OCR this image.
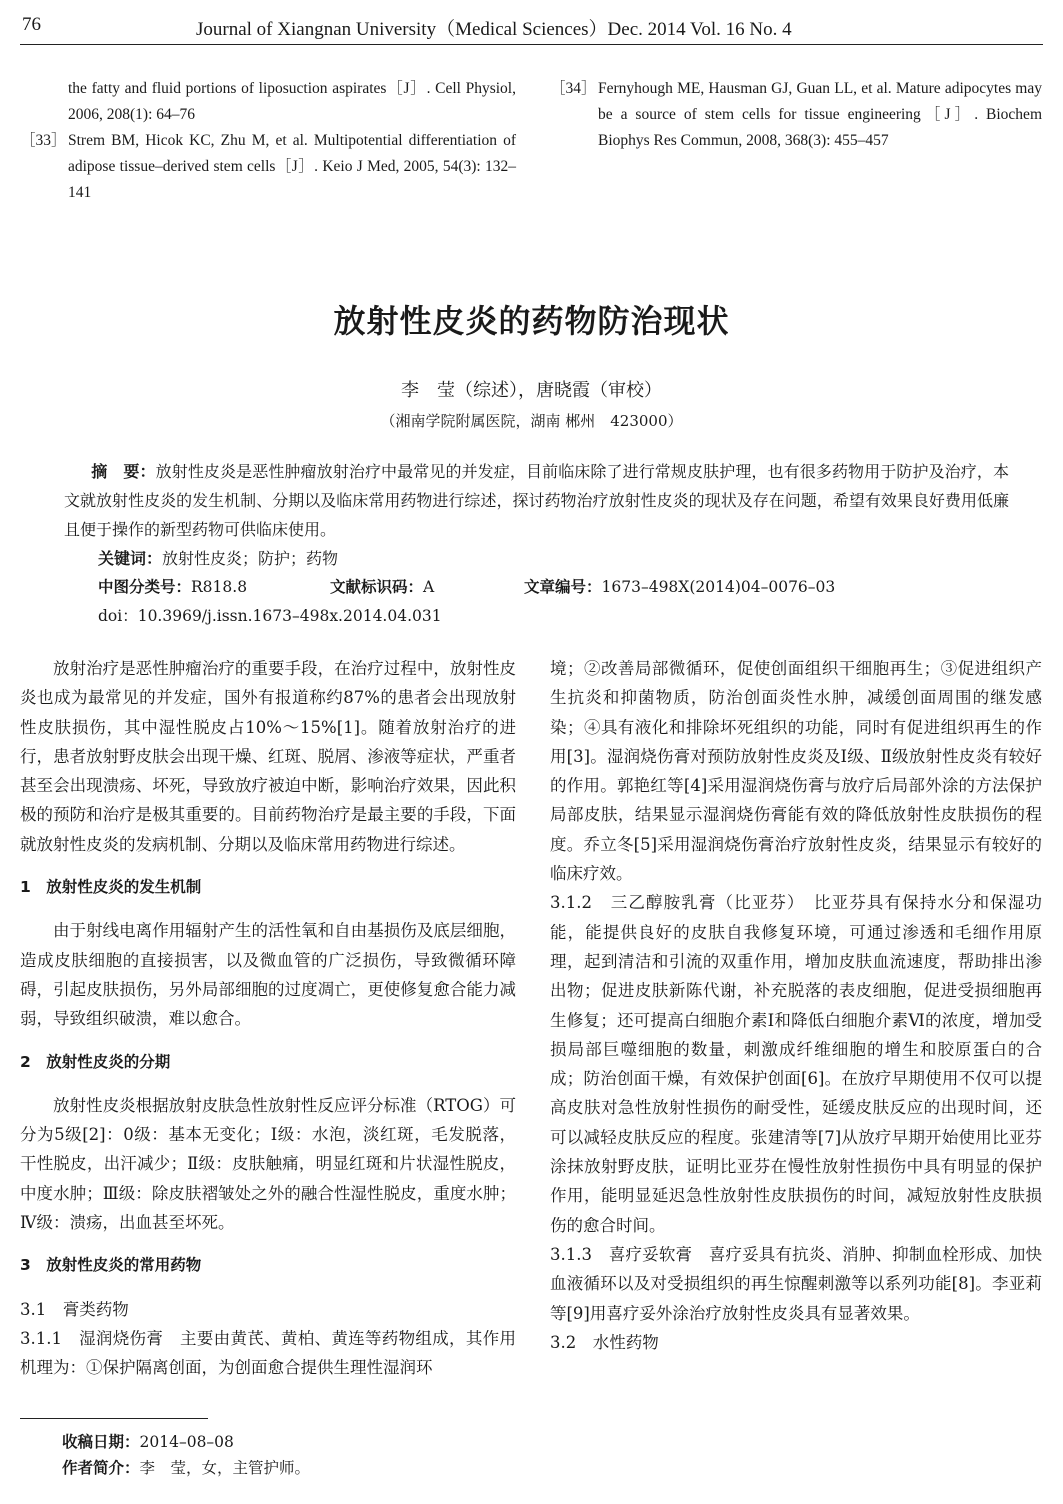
76	Journal of Xiangnan University（Medical Sciences）Dec. 2014 Vol. 16 No. 4
the fatty and fluid portions of liposuction aspirates［J］. Cell Physiol, 2006, 208(1): 64–76
［33］ Strem BM, Hicok KC, Zhu M, et al. Multipotential differentiation of adipose tissue–derived stem cells［J］. Keio J Med, 2005, 54(3): 132–141
［34］ Fernyhough ME, Hausman GJ, Guan LL, et al. Mature adipocytes may be a source of stem cells for tissue engineering［J］. Biochem Biophys Res Commun, 2008, 368(3): 455–457
放射性皮炎的药物防治现状
李　莹（综述），唐晓霞（审校）
（湘南学院附属医院，湖南 郴州　423000）
摘　要：放射性皮炎是恶性肿瘤放射治疗中最常见的并发症，目前临床除了进行常规皮肤护理，也有很多药物用于防护及治疗，本文就放射性皮炎的发生机制、分期以及临床常用药物进行综述，探讨药物治疗放射性皮炎的现状及存在问题，希望有效果良好费用低廉且便于操作的新型药物可供临床使用。
关键词：放射性皮炎；防护；药物
中图分类号：R818.8	文献标识码：A	文章编号：1673–498X(2014)04–0076–03
doi：10.3969/j.issn.1673–498x.2014.04.031

放射治疗是恶性肿瘤治疗的重要手段，在治疗过程中，放射性皮炎也成为最常见的并发症，国外有报道称约87%的患者会出现放射性皮肤损伤，其中湿性脱皮占10%～15%[1]。随着放射治疗的进行，患者放射野皮肤会出现干燥、红斑、脱屑、渗液等症状，严重者甚至会出现溃疡、坏死，导致放疗被迫中断，影响治疗效果，因此积极的预防和治疗是极其重要的。目前药物治疗是最主要的手段，下面就放射性皮炎的发病机制、分期以及临床常用药物进行综述。

1　放射性皮炎的发生机制

由于射线电离作用辐射产生的活性氧和自由基损伤及底层细胞，造成皮肤细胞的直接损害，以及微血管的广泛损伤，导致微循环障碍，引起皮肤损伤，另外局部细胞的过度凋亡，更使修复愈合能力减弱，导致组织破溃，难以愈合。

2　放射性皮炎的分期

放射性皮炎根据放射皮肤急性放射性反应评分标准（RTOG）可分为5级[2]：0级：基本无变化；Ⅰ级：水泡，淡红斑，毛发脱落，干性脱皮，出汗减少；Ⅱ级：皮肤触痛，明显红斑和片状湿性脱皮，中度水肿；Ⅲ级：除皮肤褶皱处之外的融合性湿性脱皮，重度水肿；Ⅳ级：溃疡，出血甚至坏死。

3　放射性皮炎的常用药物

3.1　膏类药物

3.1.1　湿润烧伤膏　主要由黄芪、黄柏、黄连等药物组成，其作用机理为：①保护隔离创面，为创面愈合提供生理性湿润环

境；②改善局部微循环，促使创面组织干细胞再生；③促进组织产生抗炎和抑菌物质，防治创面炎性水肿，减缓创面周围的继发感染；④具有液化和排除坏死组织的功能，同时有促进组织再生的作用[3]。湿润烧伤膏对预防放射性皮炎及Ⅰ级、Ⅱ级放射性皮炎有较好的作用。郭艳红等[4]采用湿润烧伤膏与放疗后局部外涂的方法保护局部皮肤，结果显示湿润烧伤膏能有效的降低放射性皮肤损伤的程度。乔立冬[5]采用湿润烧伤膏治疗放射性皮炎，结果显示有较好的临床疗效。

3.1.2　三乙醇胺乳膏（比亚芬）　比亚芬具有保持水分和保湿功能，能提供良好的皮肤自我修复环境，可通过渗透和毛细作用原理，起到清洁和引流的双重作用，增加皮肤血流速度，帮助排出渗出物；促进皮肤新陈代谢，补充脱落的表皮细胞，促进受损细胞再生修复；还可提高白细胞介素Ⅰ和降低白细胞介素Ⅵ的浓度，增加受损局部巨噬细胞的数量，刺激成纤维细胞的增生和胶原蛋白的合成；防治创面干燥，有效保护创面[6]。在放疗早期使用不仅可以提高皮肤对急性放射性损伤的耐受性，延缓皮肤反应的出现时间，还可以减轻皮肤反应的程度。张建清等[7]从放疗早期开始使用比亚芬涂抹放射野皮肤，证明比亚芬在慢性放射性损伤中具有明显的保护作用，能明显延迟急性放射性皮肤损伤的时间，减短放射性皮肤损伤的愈合时间。

3.1.3　喜疗妥软膏　喜疗妥具有抗炎、消肿、抑制血栓形成、加快血液循环以及对受损组织的再生惊醒刺激等以系列功能[8]。李亚莉等[9]用喜疗妥外涂治疗放射性皮炎具有显著效果。

3.2　水性药物

收稿日期：2014–08–08
作者简介：李　莹，女，主管护师。
